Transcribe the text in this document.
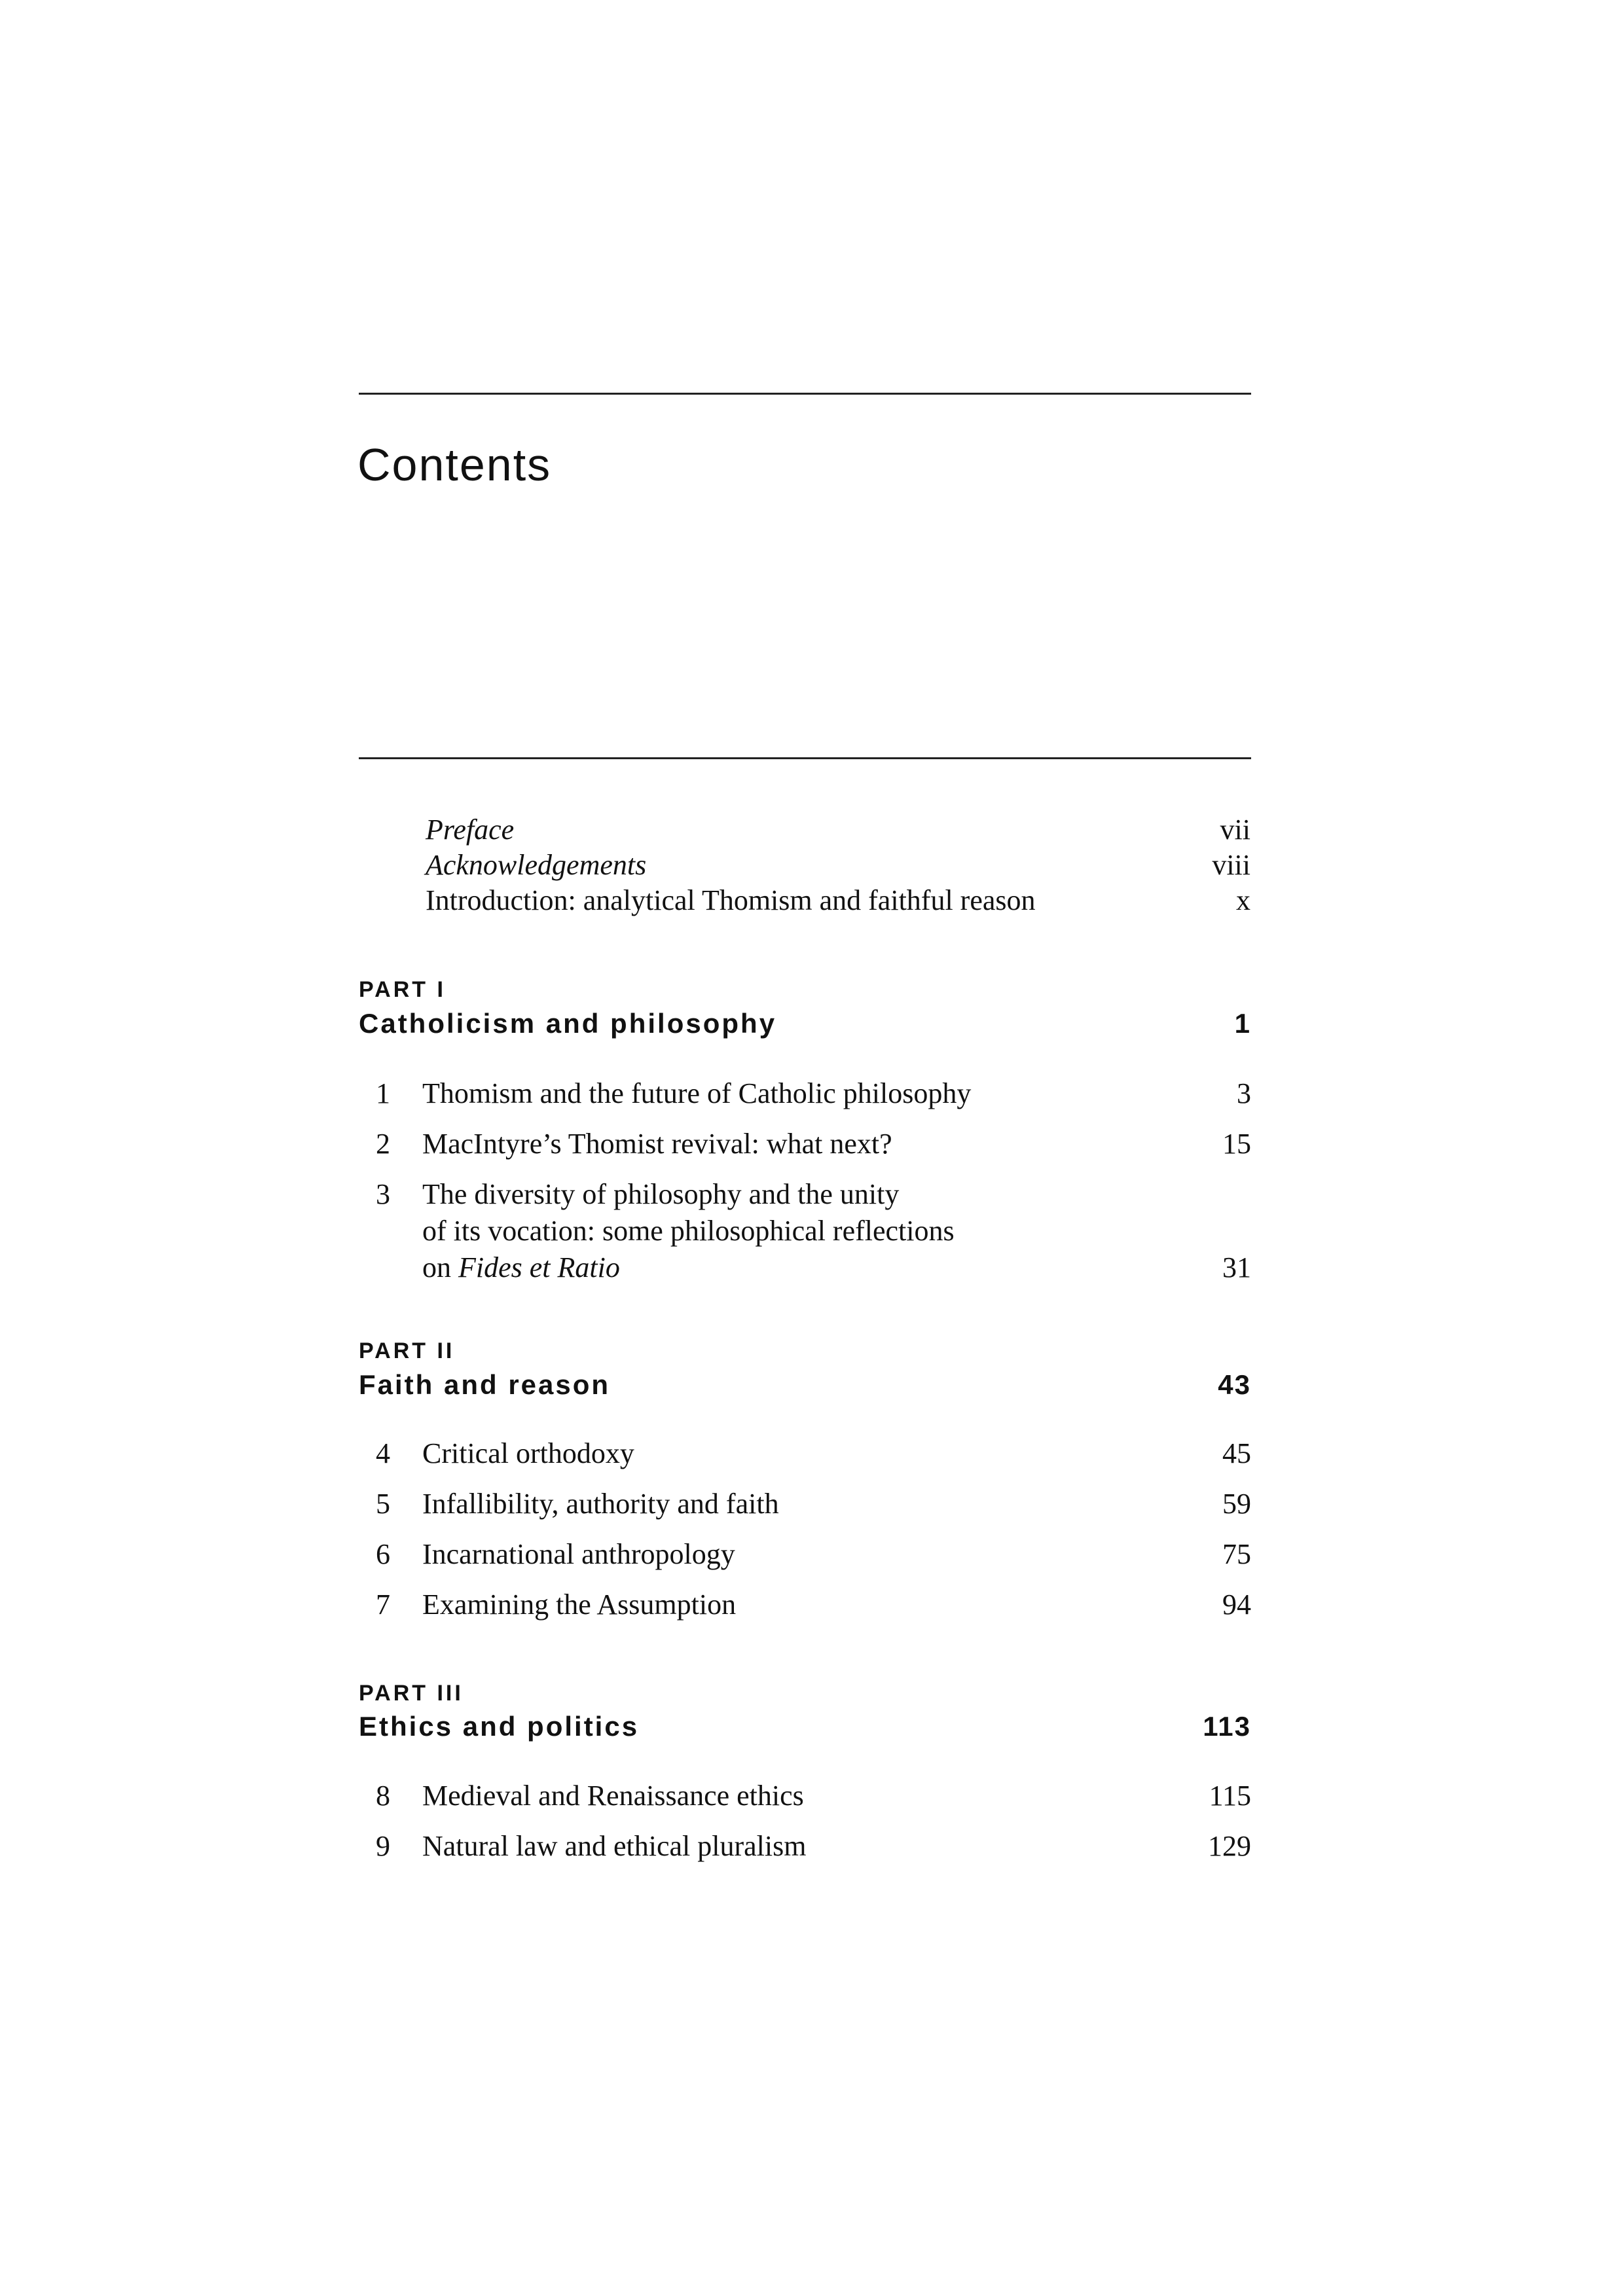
Contents
Preface	vii
Acknowledgements	viii
Introduction: analytical Thomism and faithful reason	x
PART I
Catholicism and philosophy	1
1 Thomism and the future of Catholic philosophy	3
2 MacIntyre’s Thomist revival: what next?	15
3 The diversity of philosophy and the unity
of its vocation: some philosophical reflections
on Fides et Ratio	31
PART II
Faith and reason	43
4 Critical orthodoxy	45
5 Infallibility, authority and faith	59
6 Incarnational anthropology	75
7 Examining the Assumption	94
PART III
Ethics and politics	113
8 Medieval and Renaissance ethics	115
9 Natural law and ethical pluralism	129
